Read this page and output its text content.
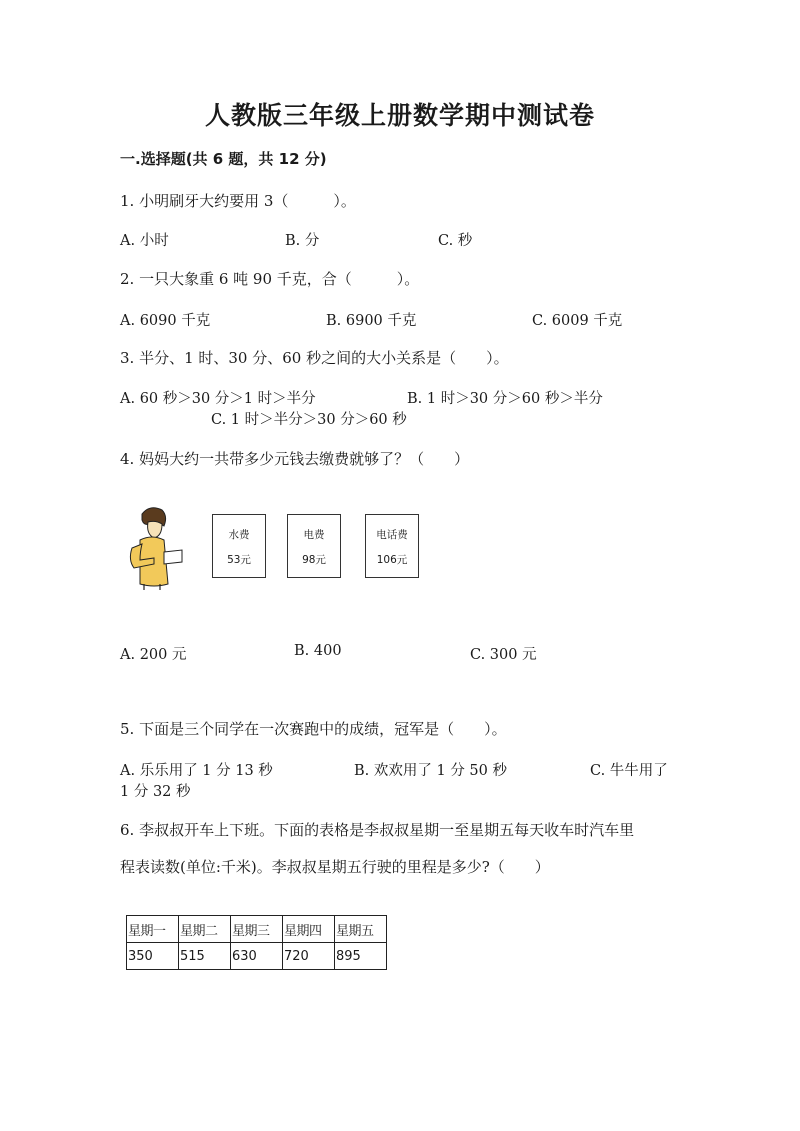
人教版三年级上册数学期中测试卷
一.选择题(共 6 题，共 12 分)
1. 小明刷牙大约要用 3（　　　）。
A. 小时	B. 分	C. 秒
2. 一只大象重 6 吨 90 千克，合（　　　）。
A. 6090 千克	B. 6900 千克	C. 6009 千克
3. 半分、1 时、30 分、60 秒之间的大小关系是（　　）。
A. 60 秒＞30 分＞1 时＞半分	B. 1 时＞30 分＞60 秒＞半分
C. 1 时＞半分＞30 分＞60 秒
4. 妈妈大约一共带多少元钱去缴费就够了？（　　）
水费
53元
电费
98元
电话费
106元
A. 200 元	B. 400	C. 300 元
5. 下面是三个同学在一次赛跑中的成绩，冠军是（　　）。
A. 乐乐用了 1 分 13 秒	B. 欢欢用了 1 分 50 秒	C. 牛牛用了
1 分 32 秒
6. 李叔叔开车上下班。下面的表格是李叔叔星期一至星期五每天收车时汽车里
程表读数(单位:千米)。李叔叔星期五行驶的里程是多少?（　　）
星期一	星期二	星期三	星期四	星期五
350	515	630	720	895
